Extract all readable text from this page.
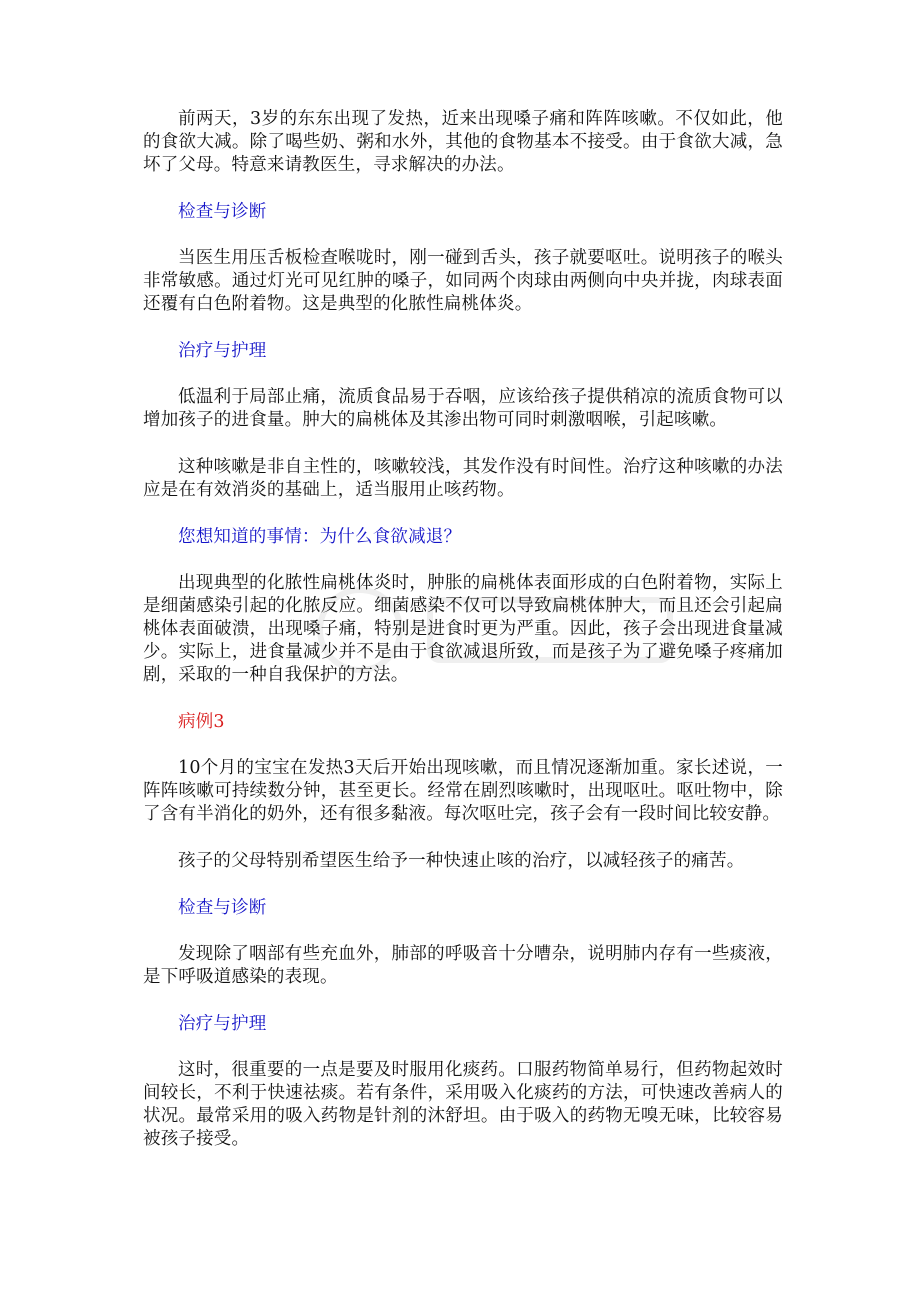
前两天，3岁的东东出现了发热，近来出现嗓子痛和阵阵咳嗽。不仅如此，他的食欲大减。除了喝些奶、粥和水外，其他的食物基本不接受。由于食欲大减，急坏了父母。特意来请教医生，寻求解决的办法。

检查与诊断

当医生用压舌板检查喉咙时，刚一碰到舌头，孩子就要呕吐。说明孩子的喉头非常敏感。通过灯光可见红肿的嗓子，如同两个肉球由两侧向中央并拢，肉球表面还覆有白色附着物。这是典型的化脓性扁桃体炎。

治疗与护理

低温利于局部止痛，流质食品易于吞咽，应该给孩子提供稍凉的流质食物可以增加孩子的进食量。肿大的扁桃体及其渗出物可同时刺激咽喉，引起咳嗽。

这种咳嗽是非自主性的，咳嗽较浅，其发作没有时间性。治疗这种咳嗽的办法应是在有效消炎的基础上，适当服用止咳药物。

您想知道的事情：为什么食欲减退？

出现典型的化脓性扁桃体炎时，肿胀的扁桃体表面形成的白色附着物，实际上是细菌感染引起的化脓反应。细菌感染不仅可以导致扁桃体肿大，而且还会引起扁桃体表面破溃，出现嗓子痛，特别是进食时更为严重。因此，孩子会出现进食量减少。实际上，进食量减少并不是由于食欲减退所致，而是孩子为了避免嗓子疼痛加剧，采取的一种自我保护的方法。

病例3

10个月的宝宝在发热3天后开始出现咳嗽，而且情况逐渐加重。家长述说，一阵阵咳嗽可持续数分钟，甚至更长。经常在剧烈咳嗽时，出现呕吐。呕吐物中，除了含有半消化的奶外，还有很多黏液。每次呕吐完，孩子会有一段时间比较安静。

孩子的父母特别希望医生给予一种快速止咳的治疗，以减轻孩子的痛苦。

检查与诊断

发现除了咽部有些充血外，肺部的呼吸音十分嘈杂，说明肺内存有一些痰液，是下呼吸道感染的表现。

治疗与护理

这时，很重要的一点是要及时服用化痰药。口服药物简单易行，但药物起效时间较长，不利于快速祛痰。若有条件，采用吸入化痰药的方法，可快速改善病人的状况。最常采用的吸入药物是针剂的沐舒坦。由于吸入的药物无嗅无味，比较容易被孩子接受。
